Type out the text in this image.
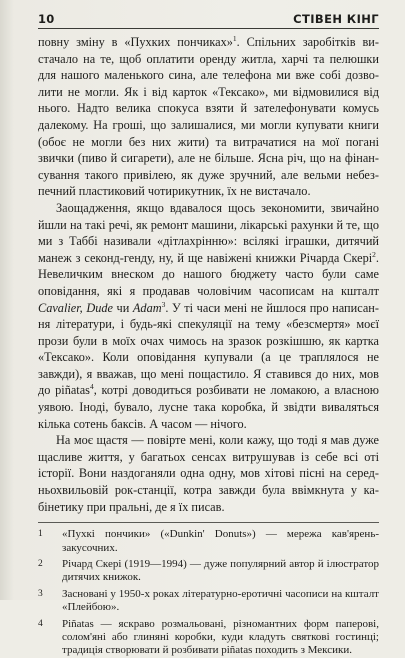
10	СТІВЕН КІНГ

повну зміну в «Пухких пончиках»$^1$. Спільних заробітків вистачало на те, щоб оплатити оренду житла, харчі та пелюшки для нашого маленького сина, але телефона ми вже собі дозволити не могли. Як і від карток «Тексако», ми відмовилися від нього. Надто велика спокуса взяти й зателефонувати комусь далекому. На гроші, що залишалися, ми могли купувати книги (обоє не могли без них жити) та витрачатися на мої погані звички (пиво й сигарети), але не більше. Ясна річ, що на фінансування такого привілею, як дуже зручний, але вельми небезпечний пластиковий чотирикутник, їх не вистачало.

Заощадження, якщо вдавалося щось зекономити, звичайно йшли на такі речі, як ремонт машини, лікарські рахунки й те, що ми з Таббі називали «дітлахрінню»: всілякі іграшки, дитячий манеж з секонд-генду, ну, й ще навіжені книжки Річарда Скері$^2$. Невеличким внеском до нашого бюджету часто були саме оповідання, які я продавав чоловічим часописам на кшталт Cavalier, Dude чи Adam$^3$. У ті часи мені не йшлося про написання літератури, і будь-які спекуляції на тему «безсмертя» моєї прози були в моїх очах чимось на зразок розкішшю, як картка «Тексако». Коли оповідання купували (а це траплялося не завжди), я вважав, що мені пощастило. Я ставився до них, мов до piñatas$^4$, котрі доводиться розбивати не ломакою, а власною уявою. Іноді, бувало, лусне така коробка, й звідти виваляться кілька сотень баксів. А часом — нічого.

На моє щастя — повірте мені, коли кажу, що тоді я мав дуже щасливе життя, у багатьох сенсах витрушував із себе всі оті історії. Вони наздоганяли одна одну, мов хітові пісні на середньохвильовій рок-станції, котра завжди була ввімкнута у кабінетику при пральні, де я їх писав.

1	«Пухкі пончики» («Dunkin' Donuts») — мережа кав'ярень-закусочних.
2	Річард Скері (1919—1994) — дуже популярний автор й ілюстратор дитячих книжок.
3	Засновані у 1950-х роках літературно-еротичні часописи на кшталт «Плейбою».
4	Piñatas — яскраво розмальовані, різномантних форм паперові, солом'яні або глиняні коробки, куди кладуть святкові гостинці; традиція створювати й розбивати piñatas походить з Мексики.
